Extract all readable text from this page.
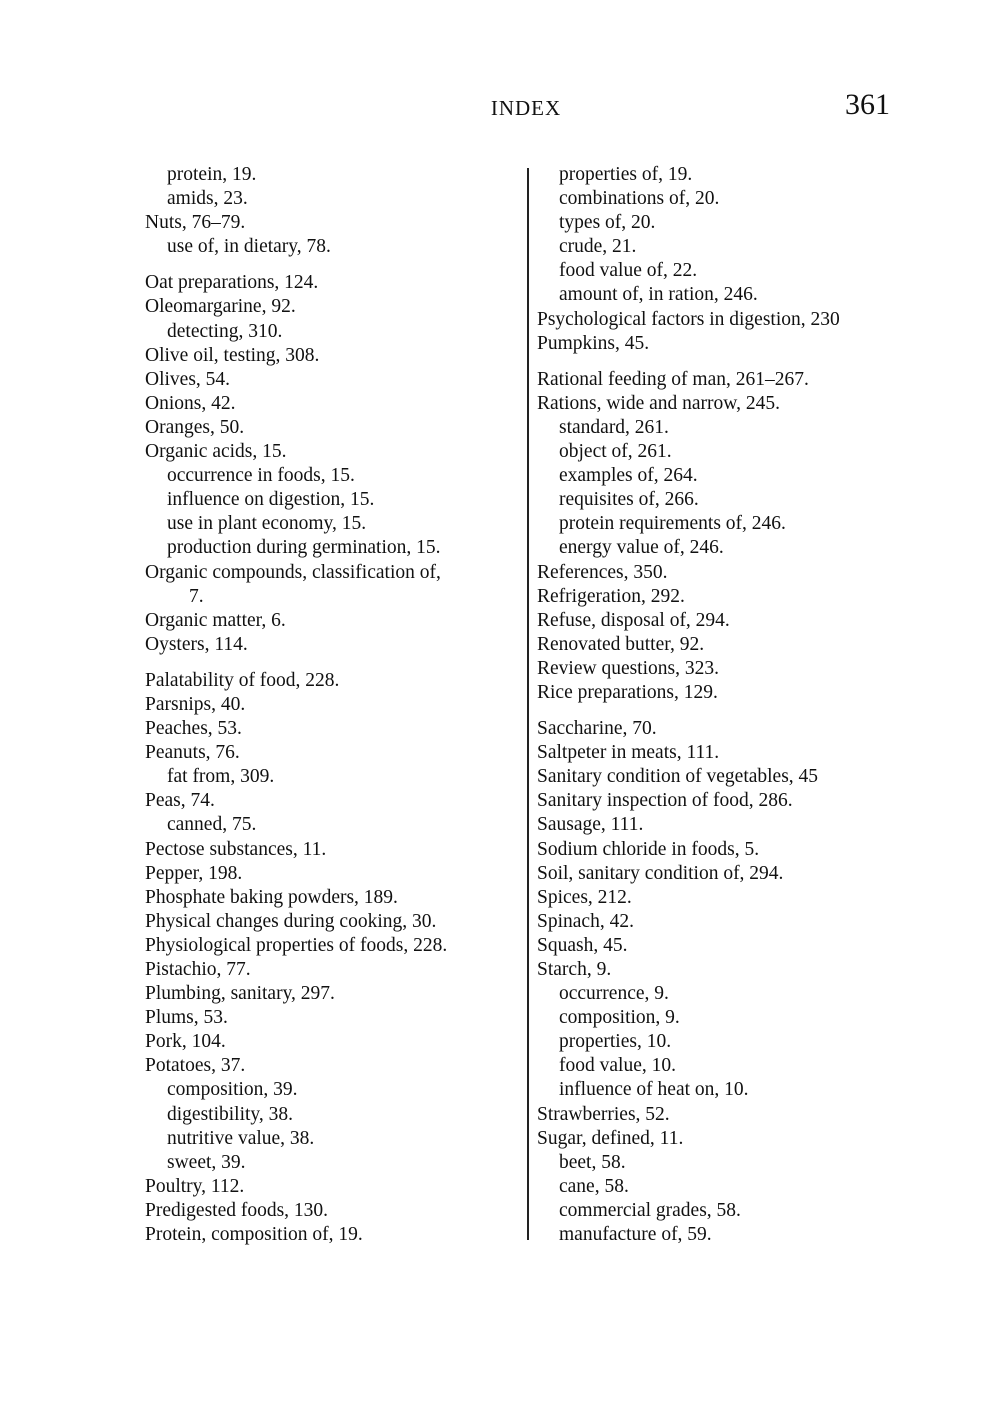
INDEX	361
protein, 19.
amids, 23.
Nuts, 76–79.
use of, in dietary, 78.
Oat preparations, 124.
Oleomargarine, 92.
detecting, 310.
Olive oil, testing, 308.
Olives, 54.
Onions, 42.
Oranges, 50.
Organic acids, 15.
occurrence in foods, 15.
influence on digestion, 15.
use in plant economy, 15.
production during germination, 15.
Organic compounds, classification of,
7.
Organic matter, 6.
Oysters, 114.
Palatability of food, 228.
Parsnips, 40.
Peaches, 53.
Peanuts, 76.
fat from, 309.
Peas, 74.
canned, 75.
Pectose substances, 11.
Pepper, 198.
Phosphate baking powders, 189.
Physical changes during cooking, 30.
Physiological properties of foods, 228.
Pistachio, 77.
Plumbing, sanitary, 297.
Plums, 53.
Pork, 104.
Potatoes, 37.
composition, 39.
digestibility, 38.
nutritive value, 38.
sweet, 39.
Poultry, 112.
Predigested foods, 130.
Protein, composition of, 19.
properties of, 19.
combinations of, 20.
types of, 20.
crude, 21.
food value of, 22.
amount of, in ration, 246.
Psychological factors in digestion, 230
Pumpkins, 45.
Rational feeding of man, 261–267.
Rations, wide and narrow, 245.
standard, 261.
object of, 261.
examples of, 264.
requisites of, 266.
protein requirements of, 246.
energy value of, 246.
References, 350.
Refrigeration, 292.
Refuse, disposal of, 294.
Renovated butter, 92.
Review questions, 323.
Rice preparations, 129.
Saccharine, 70.
Saltpeter in meats, 111.
Sanitary condition of vegetables, 45
Sanitary inspection of food, 286.
Sausage, 111.
Sodium chloride in foods, 5.
Soil, sanitary condition of, 294.
Spices, 212.
Spinach, 42.
Squash, 45.
Starch, 9.
occurrence, 9.
composition, 9.
properties, 10.
food value, 10.
influence of heat on, 10.
Strawberries, 52.
Sugar, defined, 11.
beet, 58.
cane, 58.
commercial grades, 58.
manufacture of, 59.
